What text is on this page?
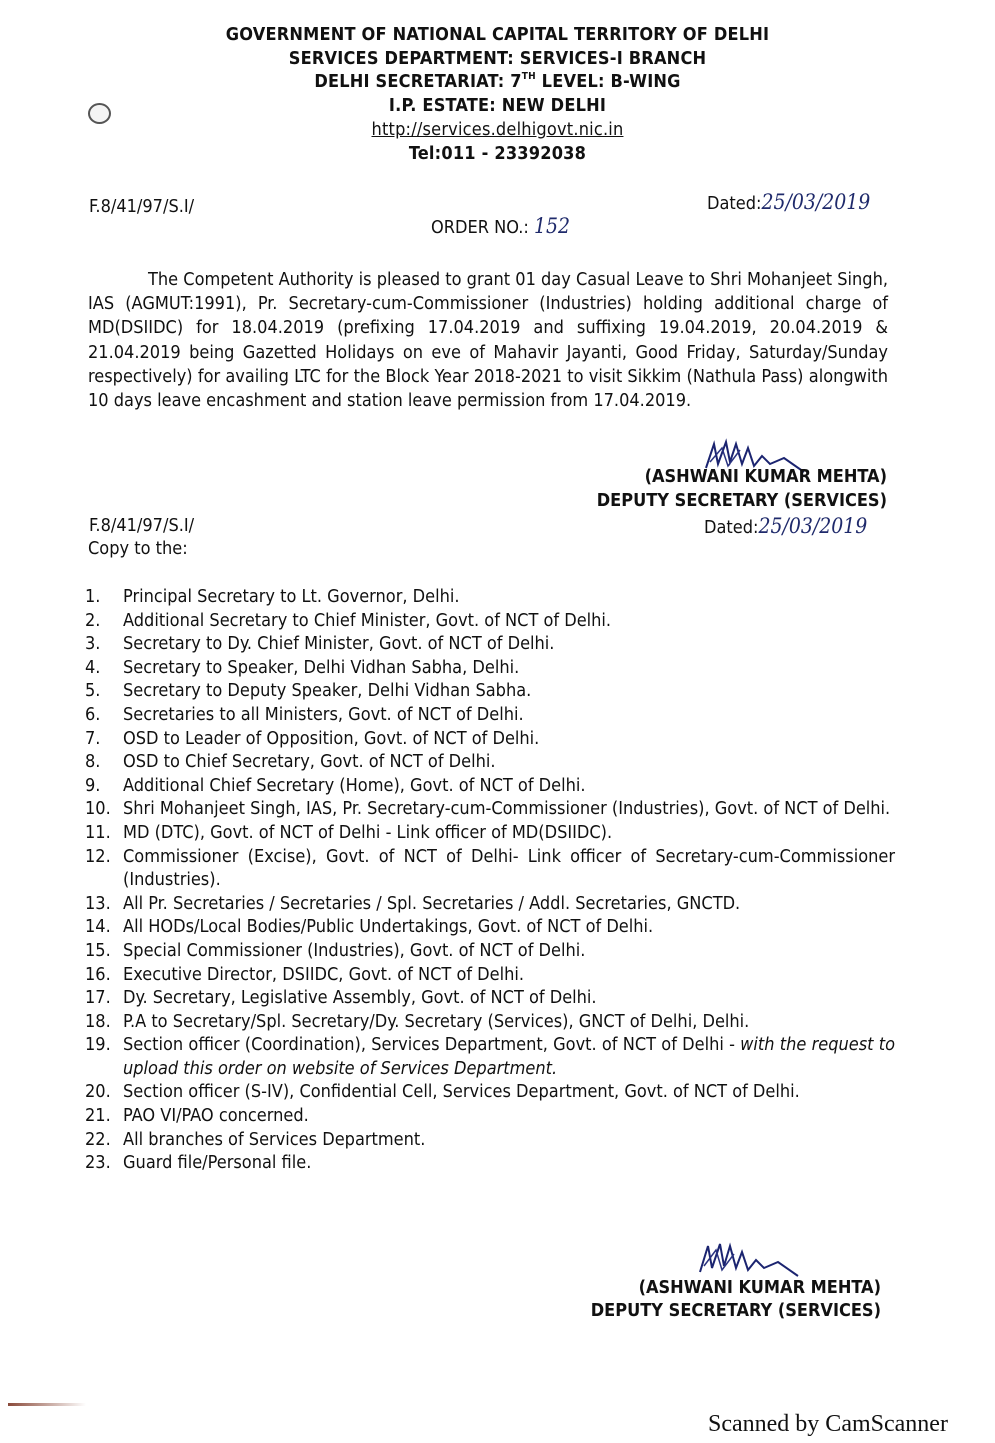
GOVERNMENT OF NATIONAL CAPITAL TERRITORY OF DELHI
SERVICES DEPARTMENT: SERVICES-I BRANCH
DELHI SECRETARIAT: 7TH LEVEL: B-WING
I.P. ESTATE: NEW DELHI
http://services.delhigovt.nic.in
Tel:011 - 23392038
F.8/41/97/S.I/	Dated:25/03/2019
ORDER NO.: 152
The Competent Authority is pleased to grant 01 day Casual Leave to Shri Mohanjeet Singh, IAS (AGMUT:1991), Pr. Secretary-cum-Commissioner (Industries) holding additional charge of MD(DSIIDC) for 18.04.2019 (prefixing 17.04.2019 and suffixing 19.04.2019, 20.04.2019 & 21.04.2019 being Gazetted Holidays on eve of Mahavir Jayanti, Good Friday, Saturday/Sunday respectively) for availing LTC for the Block Year 2018-2021 to visit Sikkim (Nathula Pass) alongwith 10 days leave encashment and station leave permission from 17.04.2019.
(ASHWANI KUMAR MEHTA)
DEPUTY SECRETARY (SERVICES)
F.8/41/97/S.I/	Dated:25/03/2019
Copy to the:
1. Principal Secretary to Lt. Governor, Delhi.
2. Additional Secretary to Chief Minister, Govt. of NCT of Delhi.
3. Secretary to Dy. Chief Minister, Govt. of NCT of Delhi.
4. Secretary to Speaker, Delhi Vidhan Sabha, Delhi.
5. Secretary to Deputy Speaker, Delhi Vidhan Sabha.
6. Secretaries to all Ministers, Govt. of NCT of Delhi.
7. OSD to Leader of Opposition, Govt. of NCT of Delhi.
8. OSD to Chief Secretary, Govt. of NCT of Delhi.
9. Additional Chief Secretary (Home), Govt. of NCT of Delhi.
10. Shri Mohanjeet Singh, IAS, Pr. Secretary-cum-Commissioner (Industries), Govt. of NCT of Delhi.
11. MD (DTC), Govt. of NCT of Delhi - Link officer of MD(DSIIDC).
12. Commissioner (Excise), Govt. of NCT of Delhi- Link officer of Secretary-cum-Commissioner (Industries).
13. All Pr. Secretaries / Secretaries / Spl. Secretaries / Addl. Secretaries, GNCTD.
14. All HODs/Local Bodies/Public Undertakings, Govt. of NCT of Delhi.
15. Special Commissioner (Industries), Govt. of NCT of Delhi.
16. Executive Director, DSIIDC, Govt. of NCT of Delhi.
17. Dy. Secretary, Legislative Assembly, Govt. of NCT of Delhi.
18. P.A to Secretary/Spl. Secretary/Dy. Secretary (Services), GNCT of Delhi, Delhi.
19. Section officer (Coordination), Services Department, Govt. of NCT of Delhi - with the request to upload this order on website of Services Department.
20. Section officer (S-IV), Confidential Cell, Services Department, Govt. of NCT of Delhi.
21. PAO VI/PAO concerned.
22. All branches of Services Department.
23. Guard file/Personal file.
(ASHWANI KUMAR MEHTA)
DEPUTY SECRETARY (SERVICES)
Scanned by CamScanner
